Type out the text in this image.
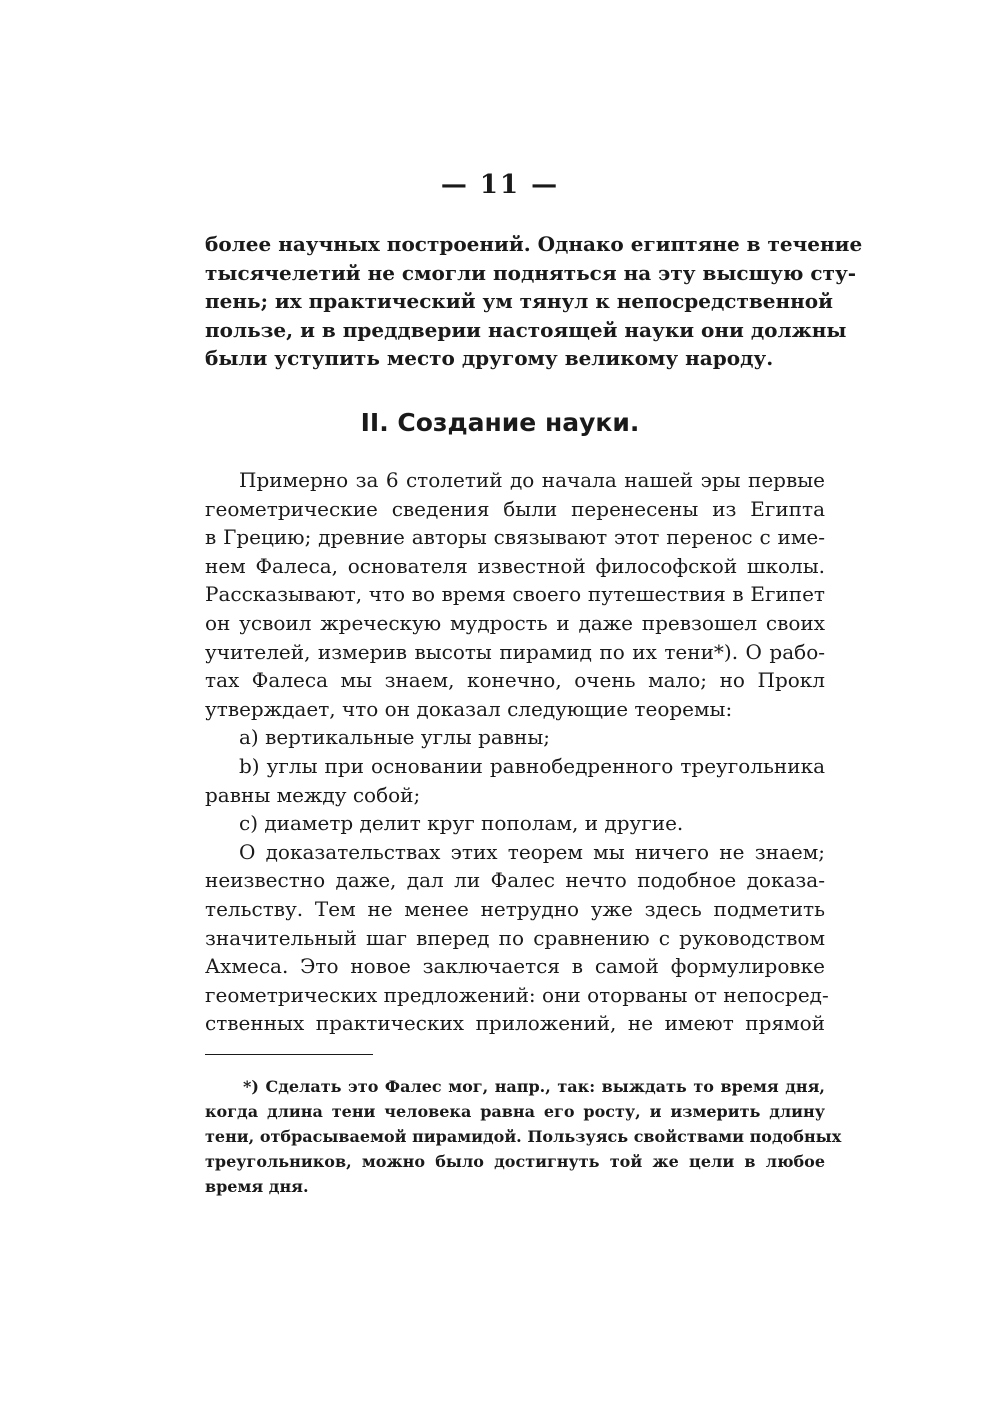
— 11 —
более научных построений. Однако египтяне в течение
тысячелетий не смогли подняться на эту высшую сту-
пень; их практический ум тянул к непосредственной
пользе, и в преддверии настоящей науки они должны
были уступить место другому великому народу.
II. Создание науки.
Примерно за 6 столетий до начала нашей эры первые
геометрические сведения были перенесены из Египта
в Грецию; древние авторы связывают этот перенос с име-
нем Фалеса, основателя известной философской школы.
Рассказывают, что во время своего путешествия в Египет
он усвоил жреческую мудрость и даже превзошел своих
учителей, измерив высоты пирамид по их тени*). О рабо-
тах Фалеса мы знаем, конечно, очень мало; но Прокл
утверждает, что он доказал следующие теоремы:
a) вертикальные углы равны;
b) углы при основании равнобедренного треугольника
равны между собой;
c) диаметр делит круг пополам, и другие.
О доказательствах этих теорем мы ничего не знаем;
неизвестно даже, дал ли Фалес нечто подобное доказа-
тельству. Тем не менее нетрудно уже здесь подметить
значительный шаг вперед по сравнению с руководством
Ахмеса. Это новое заключается в самой формулировке
геометрических предложений: они оторваны от непосред-
ственных практических приложений, не имеют прямой
*) Сделать это Фалес мог, напр., так: выждать то время дня,
когда длина тени человека равна его росту, и измерить длину
тени, отбрасываемой пирамидой. Пользуясь свойствами подобных
треугольников, можно было достигнуть той же цели в любое
время дня.
